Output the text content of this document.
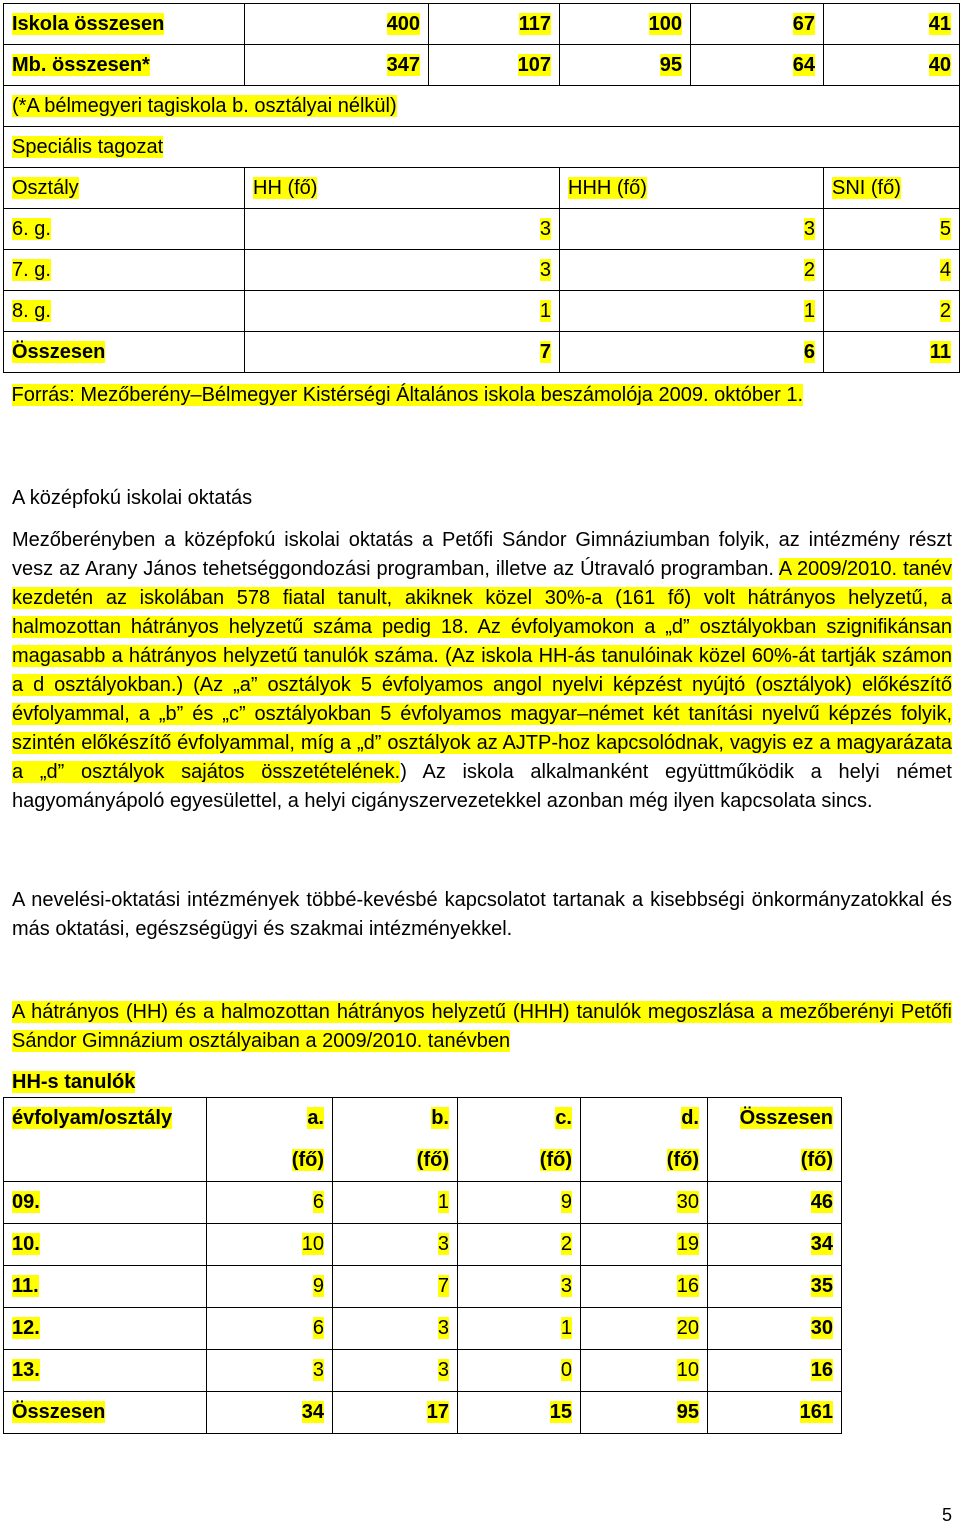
Iskola összesen	400	117	100	67	41
Mb. összesen*	347	107	95	64	40
(*A bélmegyeri tagiskola b. osztályai nélkül)					
Speciális tagozat					
Osztály	HH (fő)		HHH (fő)		SNI (fő)
6. g.	3		3		5
7. g.	3		2		4
8. g.	1		1		2
Összesen	7		6		11
Forrás: Mezőberény–Bélmegyer Kistérségi Általános iskola beszámolója 2009. október 1.					

A középfokú iskolai oktatás

Mezőberényben a középfokú iskolai oktatás a Petőfi Sándor Gimnáziumban folyik, az intézmény részt vesz az Arany János tehetséggondozási programban, illetve az Útravaló programban. A 2009/2010. tanév kezdetén az iskolában 578 fiatal tanult, akiknek közel 30%-a (161 fő) volt hátrányos helyzetű, a halmozottan hátrányos helyzetű száma pedig 18. Az évfolyamokon a „d” osztályokban szignifikánsan magasabb a hátrányos helyzetű tanulók száma. (Az iskola HH-ás tanulóinak közel 60%-át tartják számon a d osztályokban.) (Az „a” osztályok 5 évfolyamos angol nyelvi képzést nyújtó (osztályok) előkészítő évfolyammal, a „b” és „c” osztályokban 5 évfolyamos magyar–német két tanítási nyelvű képzés folyik, szintén előkészítő évfolyammal, míg a „d” osztályok az AJTP-hoz kapcsolódnak, vagyis ez a magyarázata a „d” osztályok sajátos összetételének.) Az iskola alkalmanként együttműködik a helyi német hagyományápoló egyesülettel, a helyi cigányszervezetekkel azonban még ilyen kapcsolata sincs.

A nevelési-oktatási intézmények többé-kevésbé kapcsolatot tartanak a kisebbségi önkormányzatokkal és más oktatási, egészségügyi és szakmai intézményekkel.

A hátrányos (HH) és a halmozottan hátrányos helyzetű (HHH) tanulók megoszlása a mezőberényi Petőfi Sándor Gimnázium osztályaiban a 2009/2010. tanévben

HH-s tanulók

évfolyam/osztály	a.	b.	c.	d.	Összesen
	(fő)	(fő)	(fő)	(fő)	(fő)
09.	6	1	9	30	46
10.	10	3	2	19	34
11.	9	7	3	16	35
12.	6	3	1	20	30
13.	3	3	0	10	16
Összesen	34	17	15	95	161
5
